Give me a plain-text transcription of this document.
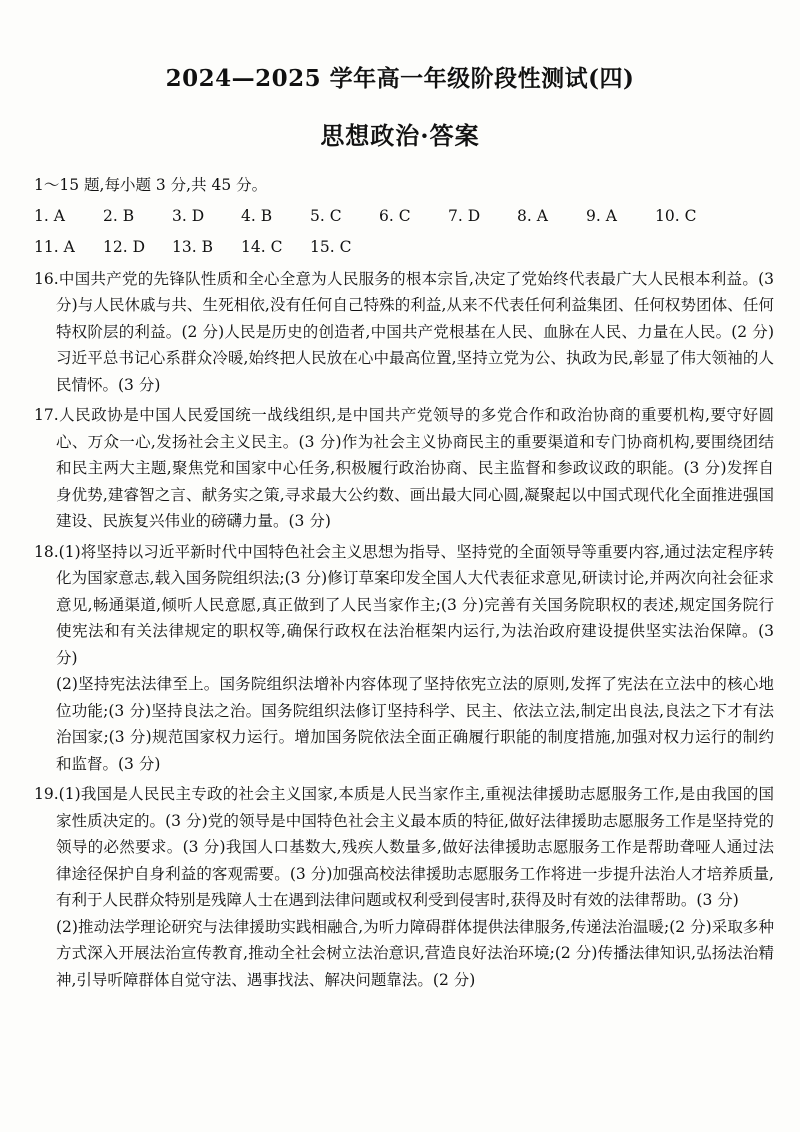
2024—2025 学年高一年级阶段性测试(四)
思想政治·答案

1～15 题,每小题 3 分,共 45 分。

1. A	2. B	3. D	4. B	5. C	6. C	7. D	8. A	9. A	10. C
11. A	12. D	13. B	14. C	15. C
16.中国共产党的先锋队性质和全心全意为人民服务的根本宗旨,决定了党始终代表最广大人民根本利益。(3 分)与人民休戚与共、生死相依,没有任何自己特殊的利益,从来不代表任何利益集团、任何权势团体、任何特权阶层的利益。(2 分)人民是历史的创造者,中国共产党根基在人民、血脉在人民、力量在人民。(2 分)习近平总书记心系群众冷暖,始终把人民放在心中最高位置,坚持立党为公、执政为民,彰显了伟大领袖的人民情怀。(3 分)
17.人民政协是中国人民爱国统一战线组织,是中国共产党领导的多党合作和政治协商的重要机构,要守好圆心、万众一心,发扬社会主义民主。(3 分)作为社会主义协商民主的重要渠道和专门协商机构,要围绕团结和民主两大主题,聚焦党和国家中心任务,积极履行政治协商、民主监督和参政议政的职能。(3 分)发挥自身优势,建睿智之言、献务实之策,寻求最大公约数、画出最大同心圆,凝聚起以中国式现代化全面推进强国建设、民族复兴伟业的磅礴力量。(3 分)
18.(1)将坚持以习近平新时代中国特色社会主义思想为指导、坚持党的全面领导等重要内容,通过法定程序转化为国家意志,载入国务院组织法;(3 分)修订草案印发全国人大代表征求意见,研读讨论,并两次向社会征求意见,畅通渠道,倾听人民意愿,真正做到了人民当家作主;(3 分)完善有关国务院职权的表述,规定国务院行使宪法和有关法律规定的职权等,确保行政权在法治框架内运行,为法治政府建设提供坚实法治保障。(3 分)

(2)坚持宪法法律至上。国务院组织法增补内容体现了坚持依宪立法的原则,发挥了宪法在立法中的核心地位功能;(3 分)坚持良法之治。国务院组织法修订坚持科学、民主、依法立法,制定出良法,良法之下才有法治国家;(3 分)规范国家权力运行。增加国务院依法全面正确履行职能的制度措施,加强对权力运行的制约和监督。(3 分)

19.(1)我国是人民民主专政的社会主义国家,本质是人民当家作主,重视法律援助志愿服务工作,是由我国的国家性质决定的。(3 分)党的领导是中国特色社会主义最本质的特征,做好法律援助志愿服务工作是坚持党的领导的必然要求。(3 分)我国人口基数大,残疾人数量多,做好法律援助志愿服务工作是帮助聋哑人通过法律途径保护自身利益的客观需要。(3 分)加强高校法律援助志愿服务工作将进一步提升法治人才培养质量,有利于人民群众特别是残障人士在遇到法律问题或权利受到侵害时,获得及时有效的法律帮助。(3 分)

(2)推动法学理论研究与法律援助实践相融合,为听力障碍群体提供法律服务,传递法治温暖;(2 分)采取多种方式深入开展法治宣传教育,推动全社会树立法治意识,营造良好法治环境;(2 分)传播法律知识,弘扬法治精神,引导听障群体自觉守法、遇事找法、解决问题靠法。(2 分)
